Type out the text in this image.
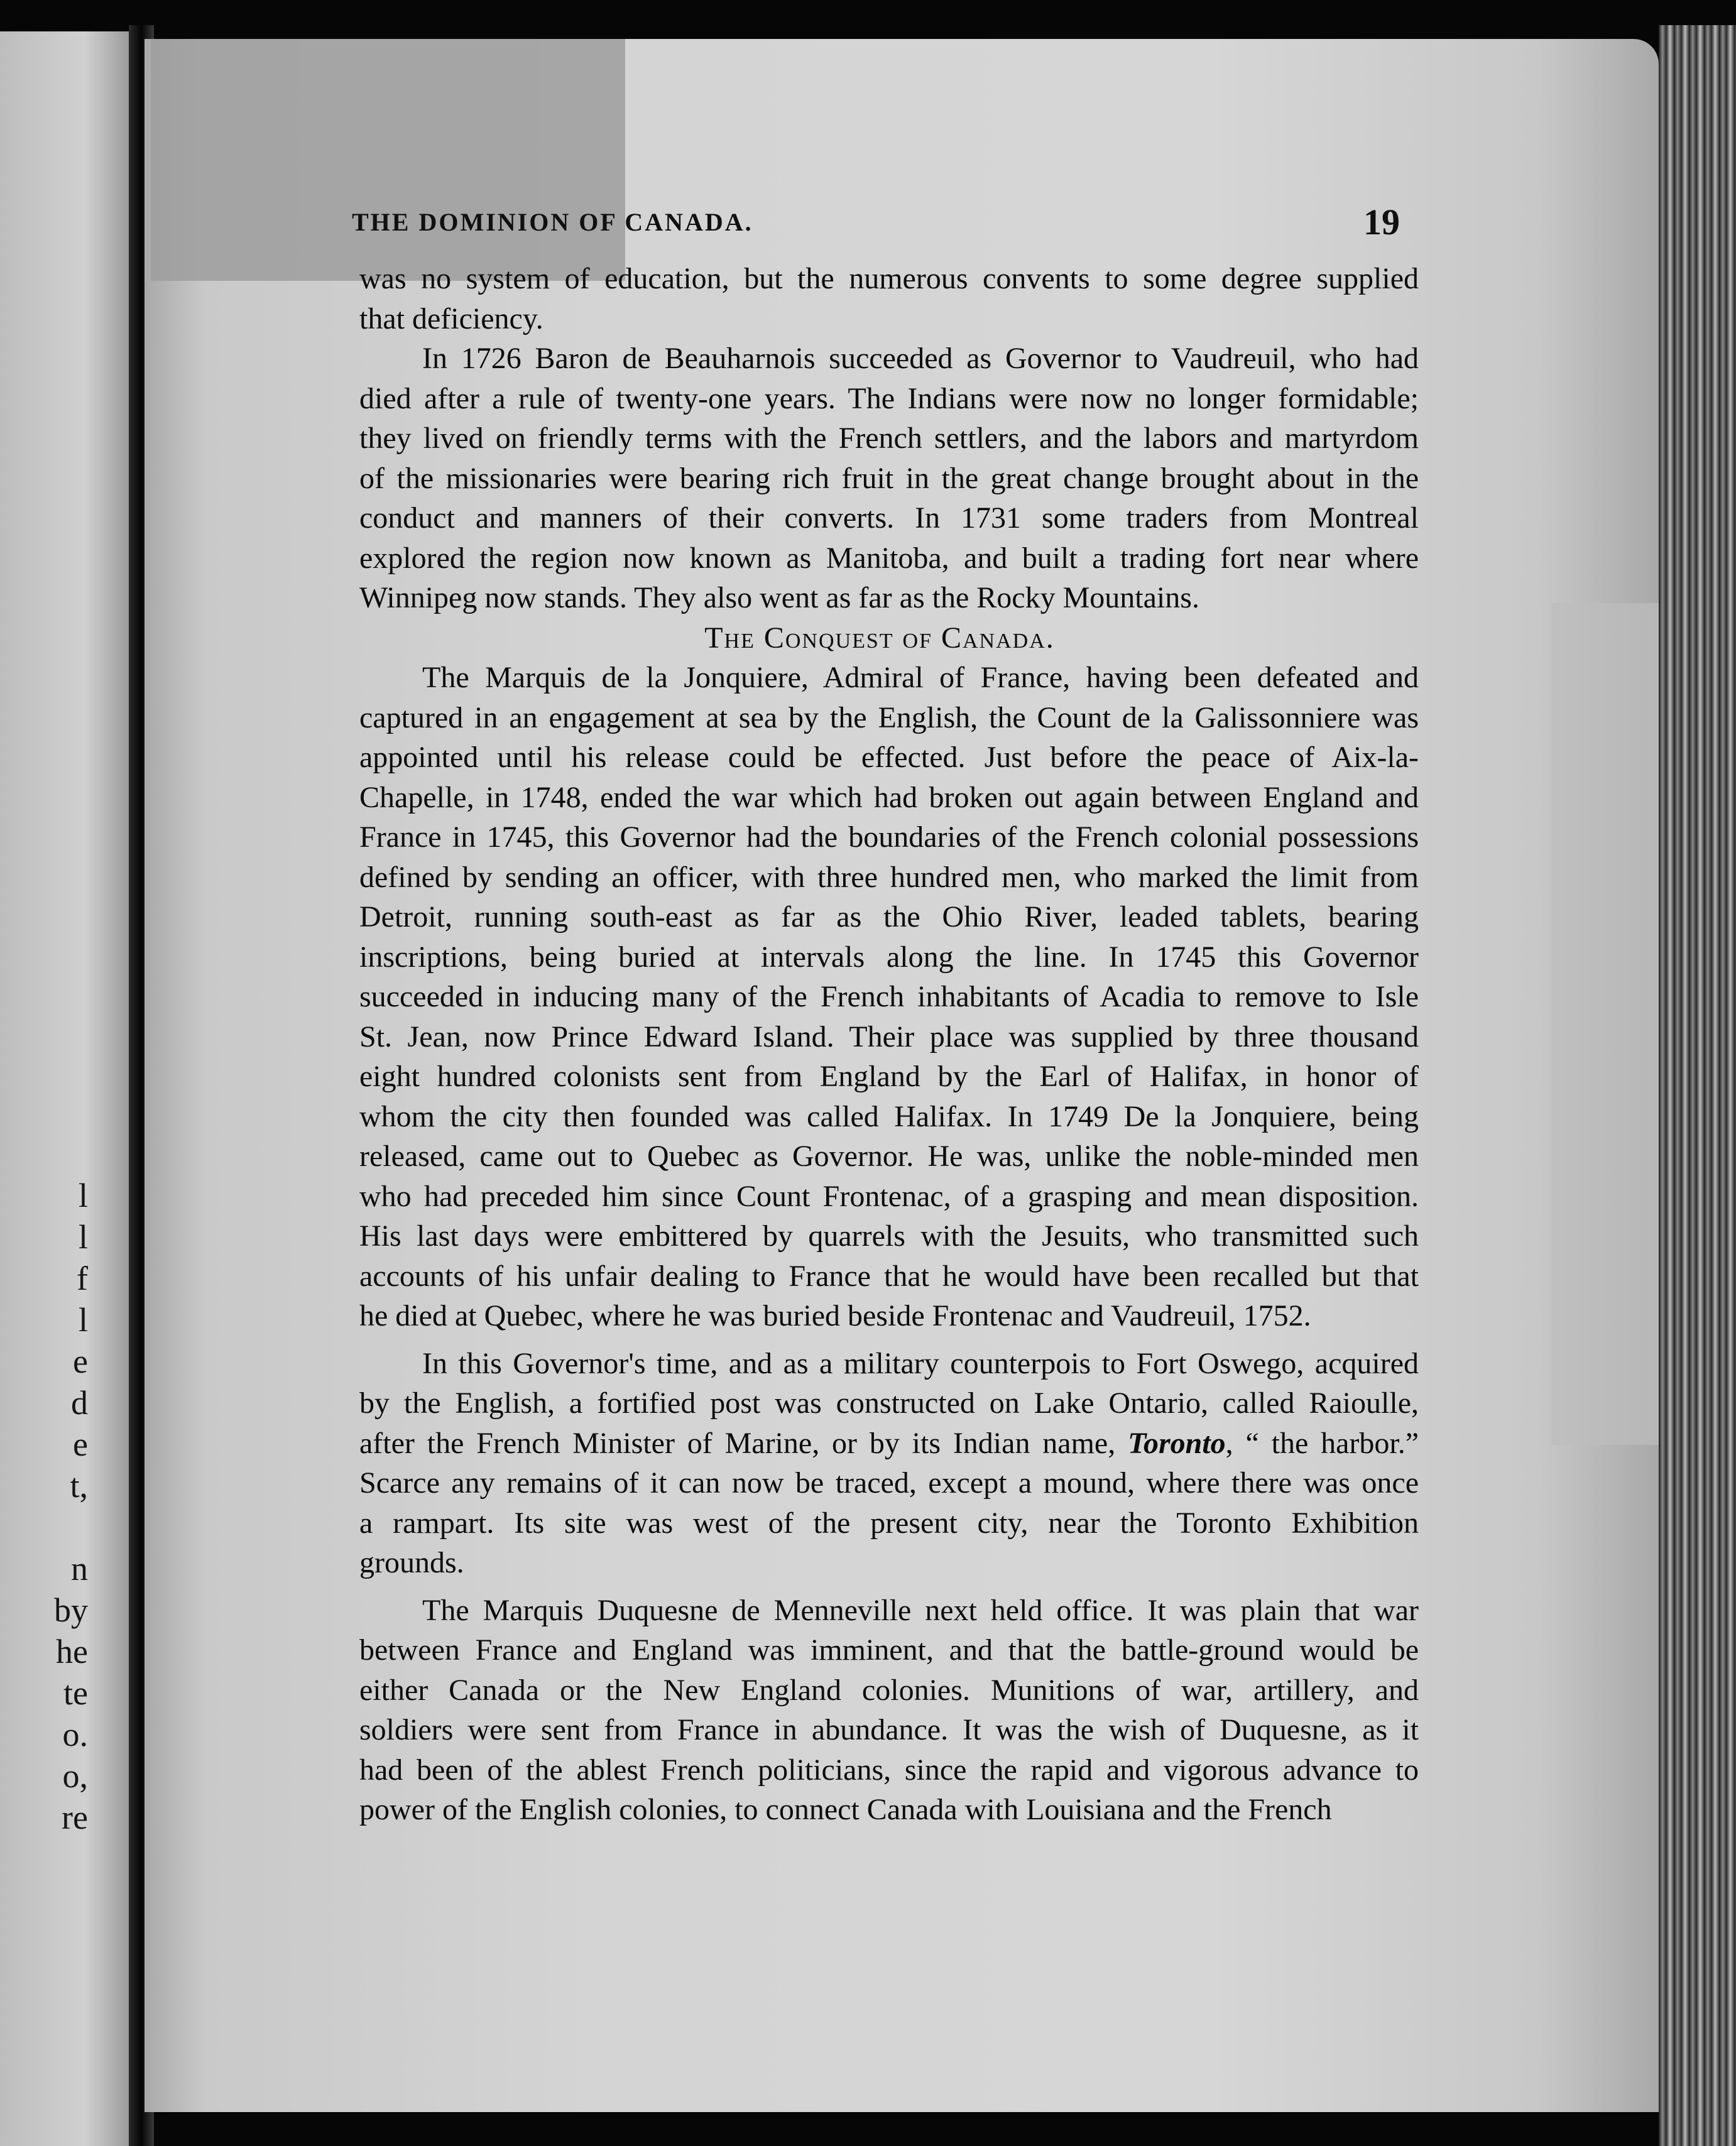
l
l
f
l
e
d
e
t,
n
by
he
te
o.
o,
re
THE DOMINION OF CANADA.	19
was no system of education, but the numerous convents to some degree supplied
that deficiency.
In 1726 Baron de Beauharnois succeeded as Governor to Vaudreuil, who had
died after a rule of twenty-one years. The Indians were now no longer formidable;
they lived on friendly terms with the French settlers, and the labors and martyrdom
of the missionaries were bearing rich fruit in the great change brought about in the
conduct and manners of their converts. In 1731 some traders from Montreal
explored the region now known as Manitoba, and built a trading fort near where
Winnipeg now stands. They also went as far as the Rocky Mountains.
The Conquest of Canada.
The Marquis de la Jonquiere, Admiral of France, having been defeated and
captured in an engagement at sea by the English, the Count de la Galissonniere was
appointed until his release could be effected. Just before the peace of Aix-la-
Chapelle, in 1748, ended the war which had broken out again between England and
France in 1745, this Governor had the boundaries of the French colonial possessions
defined by sending an officer, with three hundred men, who marked the limit from
Detroit, running south-east as far as the Ohio River, leaded tablets, bearing
inscriptions, being buried at intervals along the line. In 1745 this Governor
succeeded in inducing many of the French inhabitants of Acadia to remove to Isle
St. Jean, now Prince Edward Island. Their place was supplied by three thousand
eight hundred colonists sent from England by the Earl of Halifax, in honor of
whom the city then founded was called Halifax. In 1749 De la Jonquiere, being
released, came out to Quebec as Governor. He was, unlike the noble-minded men
who had preceded him since Count Frontenac, of a grasping and mean disposition.
His last days were embittered by quarrels with the Jesuits, who transmitted such
accounts of his unfair dealing to France that he would have been recalled but that
he died at Quebec, where he was buried beside Frontenac and Vaudreuil, 1752.
In this Governor's time, and as a military counterpois to Fort Oswego, acquired
by the English, a fortified post was constructed on Lake Ontario, called Raioulle,
after the French Minister of Marine, or by its Indian name, Toronto, “ the harbor.”
Scarce any remains of it can now be traced, except a mound, where there was once
a rampart. Its site was west of the present city, near the Toronto Exhibition
grounds.
The Marquis Duquesne de Menneville next held office. It was plain that war
between France and England was imminent, and that the battle-ground would be
either Canada or the New England colonies. Munitions of war, artillery, and
soldiers were sent from France in abundance. It was the wish of Duquesne, as it
had been of the ablest French politicians, since the rapid and vigorous advance to
power of the English colonies, to connect Canada with Louisiana and the French
